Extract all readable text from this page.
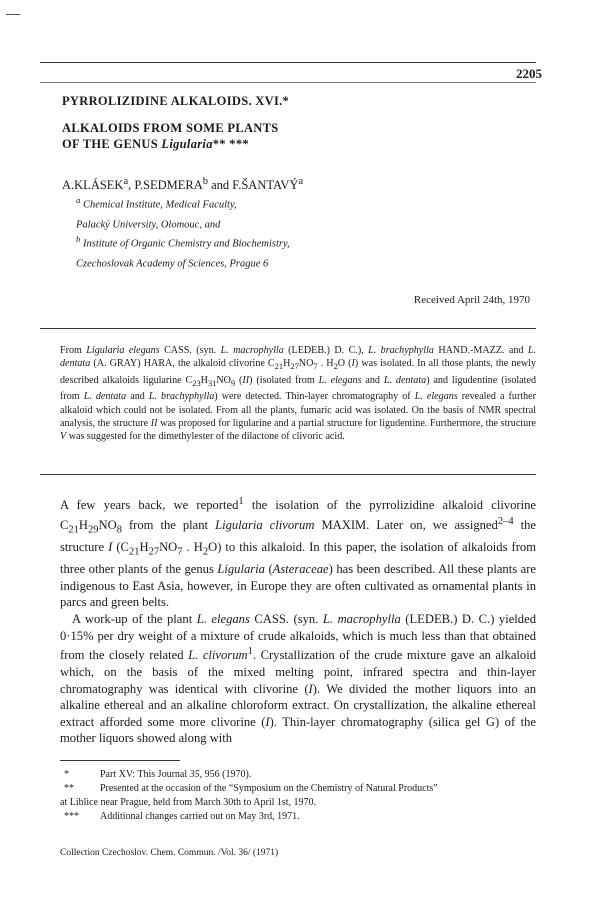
2205
PYRROLIZIDINE ALKALOIDS. XVI.*
ALKALOIDS FROM SOME PLANTS
OF THE GENUS Ligularia** ***
A.KLÁSEK$^a$, P.SEDMERA$^b$ and F.ŠANTAVÝ$^a$
$^a$ Chemical Institute, Medical Faculty,
Palacký University, Olomouc, and
$^b$ Institute of Organic Chemistry and Biochemistry,
Czechoslovak Academy of Sciences, Prague 6
Received April 24th, 1970
From Ligularia elegans CASS. (syn. L. macrophylla (LEDEB.) D. C.), L. brachyphylla HAND.-MAZZ. and L. dentata (A. GRAY) HARA, the alkaloid clivorine $C_{21}H_{27}NO_7$ . $H_2O$ (I) was isolated. In all those plants, the newly described alkaloids ligularine $C_{23}H_{31}NO_9$ (II) (isolated from L. elegans and L. dentata) and ligudentine (isolated from L. dentata and L. brachyphylla) were detected. Thin-layer chromatography of L. elegans revealed a further alkaloid which could not be isolated. From all the plants, fumaric acid was isolated. On the basis of NMR spectral analysis, the structure II was proposed for ligularine and a partial structure for ligudentine. Furthermore, the structure V was suggested for the dimethylester of the dilactone of clivoric acid.

A few years back, we reported$^1$ the isolation of the pyrrolizidine alkaloid clivorine $C_{21}H_{29}NO_8$ from the plant Ligularia clivorum MAXIM. Later on, we assigned$^{2-4}$ the structure I ($C_{21}H_{27}NO_7$ . $H_2O$) to this alkaloid. In this paper, the isolation of alkaloids from three other plants of the genus Ligularia (Asteraceae) has been described. All these plants are indigenous to East Asia, however, in Europe they are often cultivated as ornamental plants in parcs and green belts.

A work-up of the plant L. elegans CASS. (syn. L. macrophylla (LEDEB.) D. C.) yielded 0·15% per dry weight of a mixture of crude alkaloids, which is much less than that obtained from the closely related L. clivorum$^1$. Crystallization of the crude mixture gave an alkaloid which, on the basis of the mixed melting point, infrared spectra and thin-layer chromatography was identical with clivorine (I). We divided the mother liquors into an alkaline ethereal and an alkaline chloroform extract. On crystallization, the alkaline ethereal extract afforded some more clivorine (I). Thin-layer chromatography (silica gel G) of the mother liquors showed along with

*	Part XV: This Journal 35, 956 (1970).
**	Presented at the occasion of the “Symposium on the Chemistry of Natural Products”
at Liblice near Prague, held from March 30th to April 1st, 1970.
***	Additional changes carried out on May 3rd, 1971.
Collection Czechoslov. Chem. Commun. /Vol. 36/ (1971)
